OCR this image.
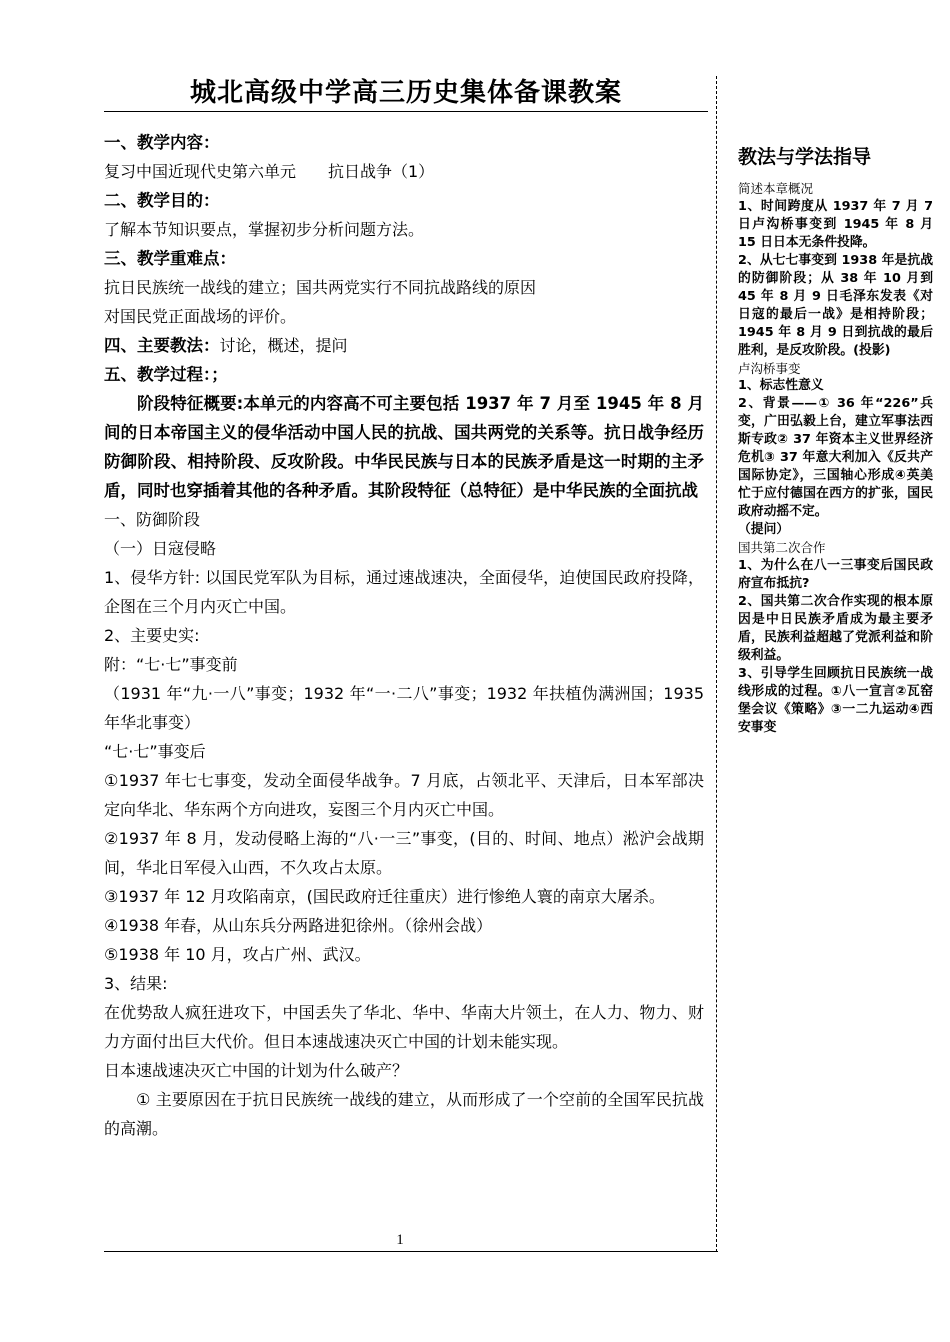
城北高级中学高三历史集体备课教案
一、教学内容：
复习中国近现代史第六单元　　抗日战争（1）
二、教学目的：
了解本节知识要点，掌握初步分析问题方法。
三、教学重难点：
抗日民族统一战线的建立；国共两党实行不同抗战路线的原因
对国民党正面战场的评价。
四、主要教法：讨论，概述，提问
五、教学过程：；
阶段特征概要:本单元的内容高不可主要包括 1937 年 7 月至 1945 年 8 月间的日本帝国主义的侵华活动中国人民的抗战、国共两党的关系等。抗日战争经历防御阶段、相持阶段、反攻阶段。中华民民族与日本的民族矛盾是这一时期的主矛盾，同时也穿插着其他的各种矛盾。其阶段特征（总特征）是中华民族的全面抗战
一、防御阶段
（一）日寇侵略
1、侵华方针: 以国民党军队为目标，通过速战速决，全面侵华，迫使国民政府投降，企图在三个月内灭亡中国。
2、主要史实:
附：“七·七”事变前
（1931 年“九·一八”事变；1932 年“一·二八”事变；1932 年扶植伪满洲国；1935 年华北事变）
“七·七”事变后
①1937 年七七事变，发动全面侵华战争。7 月底，占领北平、天津后，日本军部决定向华北、华东两个方向进攻，妄图三个月内灭亡中国。
②1937 年 8 月，发动侵略上海的“八·一三”事变，(目的、时间、地点）淞沪会战期间，华北日军侵入山西，不久攻占太原。
③1937 年 12 月攻陷南京，(国民政府迁往重庆）进行惨绝人寰的南京大屠杀。
④1938 年春，从山东兵分两路进犯徐州。（徐州会战）
⑤1938 年 10 月，攻占广州、武汉。
3、结果:
在优势敌人疯狂进攻下，中国丢失了华北、华中、华南大片领土，在人力、物力、财力方面付出巨大代价。但日本速战速决灭亡中国的计划未能实现。
日本速战速决灭亡中国的计划为什么破产？
① 主要原因在于抗日民族统一战线的建立，从而形成了一个空前的全国军民抗战的高潮。
教法与学法指导
简述本章概况
1、时间跨度从 1937 年 7 月 7 日卢沟桥事变到 1945 年 8 月 15 日日本无条件投降。
2、从七七事变到 1938 年是抗战的防御阶段；从 38 年 10 月到 45 年 8 月 9 日毛泽东发表《对日寇的最后一战》是相持阶段；1945 年 8 月 9 日到抗战的最后胜利，是反攻阶段。(投影)
卢沟桥事变
1、标志性意义
2、背景——① 36 年“226”兵变，广田弘毅上台，建立军事法西斯专政② 37 年资本主义世界经济危机③ 37 年意大利加入《反共产国际协定》，三国轴心形成④英美忙于应付德国在西方的扩张，国民政府动摇不定。
（提问）
国共第二次合作
1、为什么在八一三事变后国民政府宣布抵抗?
2、国共第二次合作实现的根本原因是中日民族矛盾成为最主要矛盾，民族利益超越了党派利益和阶级利益。
3、引导学生回顾抗日民族统一战线形成的过程。①八一宣言②瓦窑堡会议《策略》③一二九运动④西安事变
1
